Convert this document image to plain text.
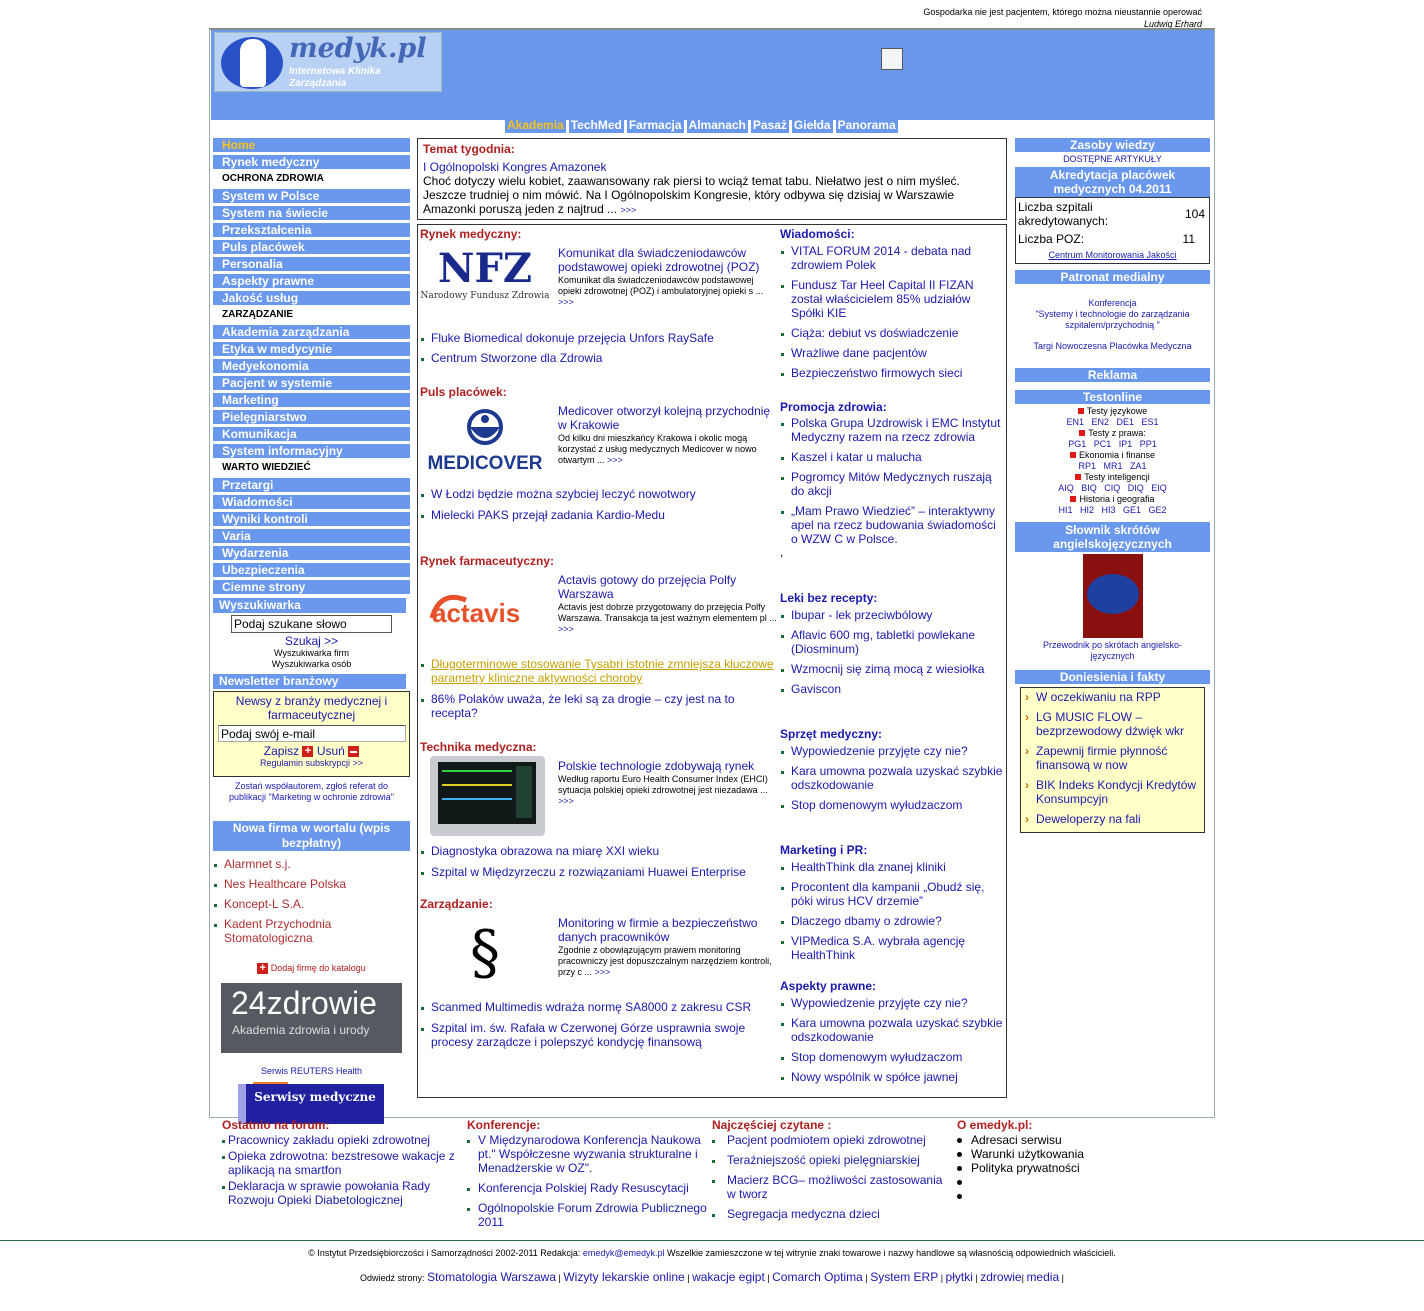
Gospodarka nie jest pacjentem, którego można nieustannie operować
Ludwig Erhard
medyk.pl
Internetowa Klinika
Zarządzania
Akademia TechMed Farmacja Almanach Pasaż Giełda Panorama
Home
Rynek medyczny
OCHRONA ZDROWIA
System w Polsce
System na świecie
Przekształcenia
Puls placówek
Personalia
Aspekty prawne
Jakość usług
ZARZĄDZANIE
Akademia zarządzania
Etyka w medycynie
Medyekonomia
Pacjent w systemie
Marketing
Pielęgniarstwo
Komunikacja
System informacyjny
WARTO WIEDZIEĆ
Przetargi
Wiadomości
Wyniki kontroli
Varia
Wydarzenia
Ubezpieczenia
Ciemne strony
Wyszukiwarka
Podaj szukane słowo
Szukaj >>
Wyszukiwarka firm
Wyszukiwarka osób
Newsletter branżowy
Newsy z branży medycznej i farmaceutycznej
Podaj swój e-mail
Zapisz + Usuń
Regulamin subskrypcji >>
Zostań współautorem, zgłoś referat do publikacji "Marketing w ochronie zdrowia"
Nowa firma w wortalu (wpis bezpłatny)
Alarmnet s.j.
Nes Healthcare Polska
Koncept-L S.A.
Kadent Przychodnia Stomatologiczna
+ Dodaj firmę do katalogu
24zdrowie
Akademia zdrowia i urody
Serwis REUTERS Health
Serwisy medyczne
Temat tygodnia:
I Ogólnopolski Kongres Amazonek
Choć dotyczy wielu kobiet, zaawansowany rak piersi to wciąż temat tabu. Niełatwo jest o nim myśleć. Jeszcze trudniej o nim mówić. Na I Ogólnopolskim Kongresie, który odbywa się dzisiaj w Warszawie Amazonki poruszą jeden z najtrud ... >>>
Rynek medyczny:
NFZ
Narodowy Fundusz Zdrowia
Komunikat dla świadczeniodawców podstawowej opieki zdrowotnej (POZ)
Komunikat dla świadczeniodawców podstawowej opieki zdrowotnej (POZ) i ambulatoryjnej opieki s ... >>>
Fluke Biomedical dokonuje przejęcia Unfors RaySafe
Centrum Stworzone dla Zdrowia
Puls placówek:
MEDICOVER
Medicover otworzył kolejną przychodnię w Krakowie
Od kilku dni mieszkańcy Krakowa i okolic mogą korzystać z usług medycznych Medicover w nowo otwartym ... >>>
W Łodzi będzie można szybciej leczyć nowotwory
Mielecki PAKS przejął zadania Kardio-Medu
Rynek farmaceutyczny:
actavis
Actavis gotowy do przejęcia Polfy Warszawa
Actavis jest dobrze przygotowany do przejęcia Polfy Warszawa. Transakcja ta jest ważnym elementem pl ... >>>
Długoterminowe stosowanie Tysabri istotnie zmniejsza kluczowe parametry kliniczne aktywności choroby
86% Polaków uważa, że leki są za drogie – czy jest na to recepta?
Technika medyczna:
Polskie technologie zdobywają rynek
Według raportu Euro Health Consumer Index (EHCI) sytuacja polskiej opieki zdrowotnej jest niezadawa ... >>>
Diagnostyka obrazowa na miarę XXI wieku
Szpital w Międzyrzeczu z rozwiązaniami Huawei Enterprise
Zarządzanie:
§	Monitoring w firmie a bezpieczeństwo danych pracowników
Zgodnie z obowiązującym prawem monitoring pracowniczy jest dopuszczalnym narzędziem kontroli, przy c ... >>>
Scanmed Multimedis wdraża normę SA8000 z zakresu CSR
Szpital im. św. Rafała w Czerwonej Górze usprawnia swoje procesy zarządcze i polepszyć kondycję finansową
Wiadomości:
VITAL FORUM 2014 - debata nad zdrowiem Polek
Fundusz Tar Heel Capital II FIZAN został właścicielem 85% udziałów Spółki KIE
Ciąża: debiut vs doświadczenie
Wrażliwe dane pacjentów
Bezpieczeństwo firmowych sieci
Promocja zdrowia:
Polska Grupa Uzdrowisk i EMC Instytut Medyczny razem na rzecz zdrowia
Kaszel i katar u malucha
Pogromcy Mitów Medycznych ruszają do akcji
„Mam Prawo Wiedzieć” – interaktywny apel na rzecz budowania świadomości o WZW C w Polsce.
,
Leki bez recepty:
Ibupar - lek przeciwbólowy
Aflavic 600 mg, tabletki powlekane (Diosminum)
Wzmocnij się zimą mocą z wiesiołka
Gaviscon
Sprzęt medyczny:
Wypowiedzenie przyjęte czy nie?
Kara umowna pozwala uzyskać szybkie odszkodowanie
Stop domenowym wyłudzaczom
Marketing i PR:
HealthThink dla znanej kliniki
Procontent dla kampanii „Obudź się, póki wirus HCV drzemie”
Dlaczego dbamy o zdrowie?
VIPMedica S.A. wybrała agencję HealthThink
Aspekty prawne:
Wypowiedzenie przyjęte czy nie?
Kara umowna pozwala uzyskać szybkie odszkodowanie
Stop domenowym wyłudzaczom
Nowy wspólnik w spółce jawnej
Zasoby wiedzy
DOSTĘPNE ARTYKUŁY
Akredytacja placówek medycznych 04.2011
Liczba szpitali akredytowanych:	104
Liczba POZ:	11
Centrum Monitorowania Jakości
Patronat medialny
Konferencja
"Systemy i technologie do zarządzania szpitalem/przychodnią "
Targi Nowoczesna Placówka Medyczna
Reklama
Testonline
Testy językowe
EN1 EN2 DE1 ES1
Testy z prawa:
PG1 PC1 IP1 PP1
Ekonomia i finanse
RP1 MR1 ZA1
Testy inteligencji
AIQ BIQ CIQ DIQ EIQ
Historia i geografia
HI1 HI2 HI3 GE1 GE2
Słownik skrótów angielskojęzycznych
Przewodnik po skrótach angielsko-języcznych
Doniesienia i fakty
› W oczekiwaniu na RPP
› LG MUSIC FLOW – bezprzewodowy dźwięk wkr
› Zapewnij firmie płynność finansową w now
› BIK Indeks Kondycji Kredytów Konsumpcyjn
› Deweloperzy na fali
Ostatnio na forum:
Pracownicy zakładu opieki zdrowotnej
Opieka zdrowotna: bezstresowe wakacje z aplikacją na smartfon
Deklaracja w sprawie powołania Rady Rozwoju Opieki Diabetologicznej
Konferencje:
V Międzynarodowa Konferencja Naukowa pt." Współczesne wyzwania strukturalne i Menadżerskie w OZ".
Konferencja Polskiej Rady Resuscytacji
Ogólnopolskie Forum Zdrowia Publicznego 2011
Najczęściej czytane :
Pacjent podmiotem opieki zdrowotnej
Teraźniejszość opieki pielęgniarskiej
Macierz BCG– możliwości zastosowania w tworz
Segregacja medyczna dzieci
O emedyk.pl:
Adresaci serwisu
Warunki użytkowania
Polityka prywatności
© Instytut Przedsiębiorczości i Samorządności 2002-2011 Redakcja: emedyk@emedyk.pl Wszelkie zamieszczone w tej witrynie znaki towarowe i nazwy handlowe są własnością odpowiednich właścicieli.
Odwiedź strony: Stomatologia Warszawa | Wizyty lekarskie online | wakacje egipt | Comarch Optima | System ERP | płytki | zdrowie| media |
